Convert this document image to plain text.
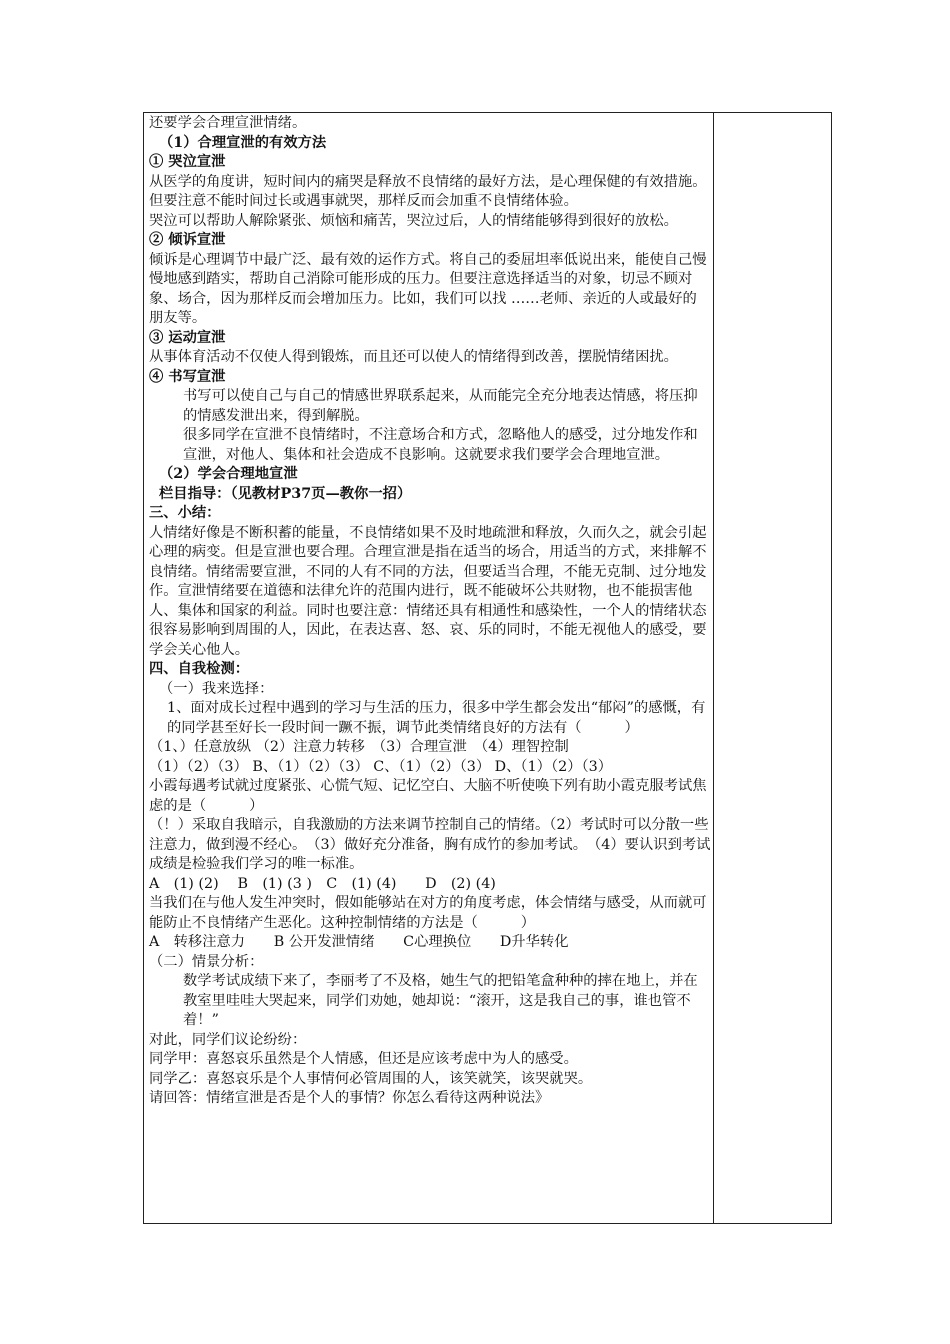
还要学会合理宣泄情绪。

（1）合理宣泄的有效方法

① 哭泣宣泄

从医学的角度讲，短时间内的痛哭是释放不良情绪的最好方法，是心理保健的有效措施。但要注意不能时间过长或遇事就哭，那样反而会加重不良情绪体验。

哭泣可以帮助人解除紧张、烦恼和痛苦，哭泣过后，人的情绪能够得到很好的放松。

② 倾诉宣泄

倾诉是心理调节中最广泛、最有效的运作方式。将自己的委屈坦率低说出来，能使自己慢慢地感到踏实，帮助自己消除可能形成的压力。但要注意选择适当的对象，切忌不顾对象、场合，因为那样反而会增加压力。比如，我们可以找 ……老师、亲近的人或最好的朋友等。

③ 运动宣泄

从事体育活动不仅使人得到锻炼，而且还可以使人的情绪得到改善，摆脱情绪困扰。

④ 书写宣泄

书写可以使自己与自己的情感世界联系起来，从而能完全充分地表达情感，将压抑的情感发泄出来，得到解脱。

很多同学在宣泄不良情绪时，不注意场合和方式，忽略他人的感受，过分地发作和宣泄，对他人、集体和社会造成不良影响。这就要求我们要学会合理地宣泄。

（2）学会合理地宣泄

栏目指导：（见教材P37页—教你一招）

三、小结：

人情绪好像是不断积蓄的能量，不良情绪如果不及时地疏泄和释放，久而久之，就会引起心理的病变。但是宣泄也要合理。合理宣泄是指在适当的场合，用适当的方式，来排解不良情绪。情绪需要宣泄，不同的人有不同的方法，但要适当合理，不能无克制、过分地发作。宣泄情绪要在道德和法律允许的范围内进行，既不能破坏公共财物，也不能损害他人、集体和国家的利益。同时也要注意：情绪还具有相通性和感染性，一个人的情绪状态很容易影响到周围的人，因此，在表达喜、怒、哀、乐的同时，不能无视他人的感受，要学会关心他人。

四、自我检测：

（一）我来选择：

1、面对成长过程中遇到的学习与生活的压力，很多中学生都会发出“郁闷”的感慨，有的同学甚至好长一段时间一蹶不振，调节此类情绪良好的方法有（　　　）

（1、）任意放纵 （2）注意力转移　（3）合理宣泄　（4）理智控制

（1）（2）（3） B、（1）（2）（3） C、（1）（2）（3） D、（1）（2）（3）

小霞每遇考试就过度紧张、心慌气短、记忆空白、大脑不听使唤下列有助小霞克服考试焦虑的是（　　　）

（！）采取自我暗示，自我激励的方法来调节控制自己的情绪。（2）考试时可以分散一些注意力，做到漫不经心。　（3）做好充分准备，胸有成竹的参加考试。　（4）要认识到考试成绩是检验我们学习的唯一标准。

A　(1) (2)　 B　(1) (3 )　C　(1) (4)　　D　(2) (4)

当我们在与他人发生冲突时，假如能够站在对方的角度考虑，体会情绪与感受，从而就可能防止不良情绪产生恶化。这种控制情绪的方法是（　　　）

A　转移注意力　　B 公开发泄情绪　　C心理换位　　D升华转化

（二）情景分析：

数学考试成绩下来了，李丽考了不及格，她生气的把铅笔盒种种的摔在地上，并在教室里哇哇大哭起来，同学们劝她，她却说：“滚开，这是我自己的事，谁也管不着！”

对此，同学们议论纷纷：

同学甲：喜怒哀乐虽然是个人情感，但还是应该考虑中为人的感受。

同学乙：喜怒哀乐是个人事情何必管周围的人，该笑就笑，该哭就哭。

请回答：情绪宣泄是否是个人的事情？你怎么看待这两种说法》
